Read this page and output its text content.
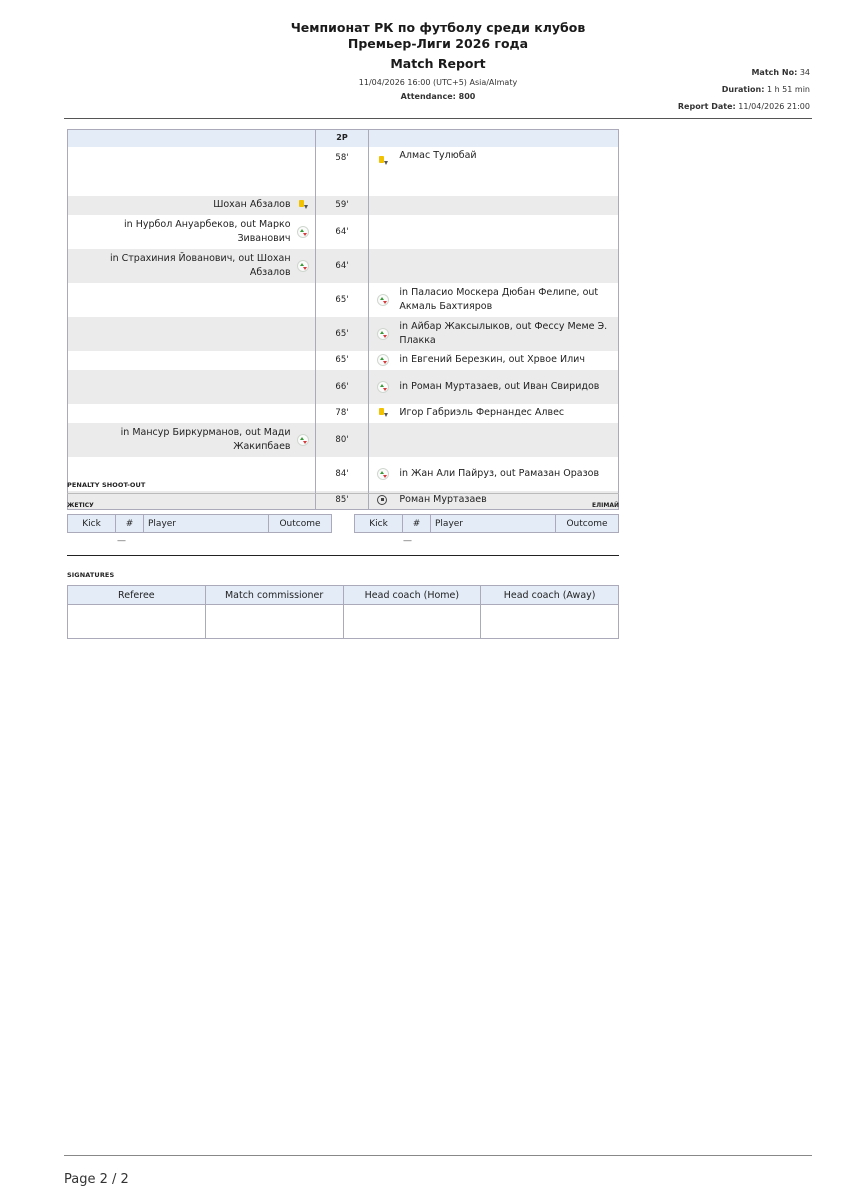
Чемпионат РК по футболу среди клубов
Премьер-Лиги 2026 года
Match Report
11/04/2026 16:00 (UTC+5) Asia/Almaty
Attendance: 800
Match No: 34
Duration: 1 h 51 min
Report Date: 11/04/2026 21:00
	2P	
	58'	Алмас Тулюбай

Шохан Абзалов	59'	
in Нурбол Ануарбеков, out Марко Зиванович	64'	
in Страхиния Йованович, out Шохан Абзалов	64'	
	65'	in Паласио Москера Дюбан Фелипе, out Акмаль Бахтияров

	65'	in Айбар Жаксылыков, out Фессу Меме Э. Плакка

	65'	in Евгений Березкин, out Хрвое Илич

	66'	in Роман Муртазаев, out Иван Свиридов

	78'	Игор Габриэль Фернандес Алвес

in Мансур Биркурманов, out Мади Жакипбаев	80'	
	84'	in Жан Али Пайруз, out Рамазан Оразов

	85'	Роман Муртазаев
PENALTY SHOOT-OUT
ЖЕТІСУ	ЕЛІМАЙ
Kick	#	Player	Outcome
—
Kick	#	Player	Outcome
—
SIGNATURES
Referee	Match commissioner	Head coach (Home)	Head coach (Away)

Page 2 / 2
